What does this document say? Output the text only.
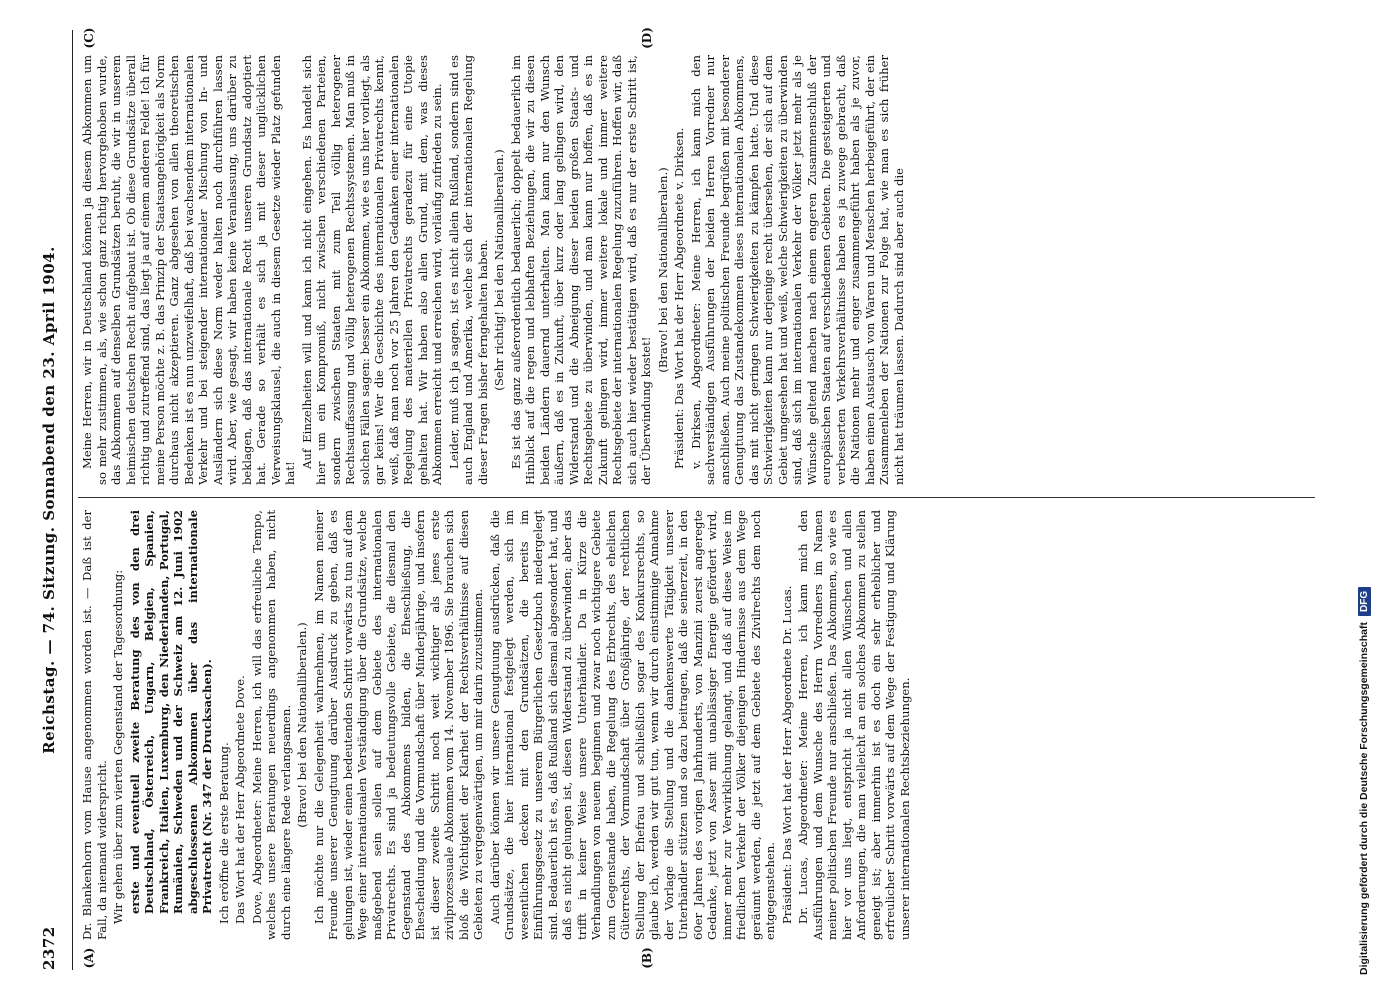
2372
Reichstag. — 74. Sitzung. Sonnabend den 23. April 1904.
(A)	(B)
(C)	(D)

Dr. Blankenhorn vom Hause angenommen worden ist. — Daß ist der Fall, da niemand widerspricht. Wir gehen über zum vierten Gegenstand der Tagesordnung: erste und eventuell zweite Beratung des von den drei Deutschland, Österreich, Ungarn, Belgien, Spanien, Frankreich, Italien, Luxemburg, den Niederlanden, Portugal, Rumänien, Schweden und der Schweiz am 12. Juni 1902 abgeschlossenen Abkommen über das internationale Privatrecht (Nr. 347 der Drucksachen). Ich eröffne die erste Beratung. Das Wort hat der Herr Abgeordnete Dove. Dove, Abgeordneter: Meine Herren, ich will das erfreuliche Tempo, welches unsere Beratungen neuerdings angenommen haben, nicht durch eine längere Rede verlangsamen. (Bravo! bei den Nationalliberalen.) Ich möchte nur die Gelegenheit wahrnehmen, im Namen meiner Freunde unserer Genugtuung darüber Ausdruck zu geben, daß es gelungen ist, wieder einen bedeutenden Schritt vorwärts zu tun auf dem Wege einer internationalen Verständigung über die Grundsätze, welche maßgebend sein sollen auf dem Gebiete des internationalen Privatrechts. Es sind ja bedeutungsvolle Gebiete, die diesmal den Gegenstand des Abkommens bilden, die Eheschließung, die Ehescheidung und die Vormundschaft über Minderjährige, und insofern ist dieser zweite Schritt noch weit wichtiger als jenes erste zivilprozessuale Abkommen vom 14. November 1896. Sie brauchen sich bloß die Wichtigkeit der Klarheit der Rechtsverhältnisse auf diesen Gebieten zu vergegenwärtigen, um mir darin zuzustimmen. Auch darüber können wir unsere Genugtuung ausdrücken, daß die Grundsätze, die hier international festgelegt werden, sich im wesentlichen decken mit den Grundsätzen, die bereits im Einführungsgesetz zu unserem Bürgerlichen Gesetzbuch niedergelegt sind. Bedauerlich ist es, daß Rußland sich diesmal abgesondert hat, und daß es nicht gelungen ist, diesen Widerstand zu überwinden; aber das trifft in keiner Weise unsere Unterhändler. Da in Kürze die Verhandlungen von neuem beginnen und zwar noch wichtigere Gebiete zum Gegenstande haben, die Regelung des Erbrechts, des ehelichen Güterrechts, der Vormundschaft über Großjährige, der rechtlichen Stellung der Ehefrau und schließlich sogar des Konkursrechts, so glaube ich, werden wir gut tun, wenn wir durch einstimmige Annahme der Vorlage die Stellung und die dankenswerte Tätigkeit unserer Unterhändler stützen und so dazu beitragen, daß die seinerzeit, in den 60er Jahren des vorigen Jahrhunderts, von Manzini zuerst angeregte Gedanke, jetzt von Asser mit unablässiger Energie gefördert wird, immer mehr zur Verwirklichung gelangt, und daß auf diese Weise im friedlichen Verkehr der Völker diejenigen Hindernisse aus dem Wege geräumt werden, die jetzt auf dem Gebiete des Zivilrechts dem noch entgegenstehen. Präsident: Das Wort hat der Herr Abgeordnete Dr. Lucas. Dr. Lucas, Abgeordneter: Meine Herren, ich kann mich den Ausführungen und dem Wunsche des Herrn Vorredners im Namen meiner politischen Freunde nur anschließen. Das Abkommen, so wie es hier vor uns liegt, entspricht ja nicht allen Wünschen und allen Anforderungen, die man vielleicht an ein solches Abkommen zu stellen geneigt ist; aber immerhin ist es doch ein sehr erheblicher und erfreulicher Schritt vorwärts auf dem Wege der Festigung und Klärung unserer internationalen Rechtsbeziehungen.

Meine Herren, wir in Deutschland können ja diesem Abkommen um so mehr zustimmen, als, wie schon ganz richtig hervorgehoben wurde, das Abkommen auf denselben Grundsätzen beruht, die wir in unserem heimischen deutschen Recht aufgebaut ist. Ob diese Grundsätze überall richtig und zutreffend sind, das liegt ja auf einem anderen Felde! Ich für meine Person möchte z. B. das Prinzip der Staatsangehörigkeit als Norm durchaus nicht akzeptieren. Ganz abgesehen von allen theoretischen Bedenken ist es nun unzweifelhaft, daß bei wachsendem internationalen Verkehr und bei steigender internationaler Mischung von In- und Ausländern sich diese Norm weder halten noch durchführen lassen wird. Aber, wie gesagt, wir haben keine Veranlassung, uns darüber zu beklagen, daß das internationale Recht unseren Grundsatz adoptiert hat. Gerade so verhält es sich ja mit dieser unglücklichen Verweisungsklausel, die auch in diesem Gesetze wieder Platz gefunden hat!

Auf Einzelheiten will und kann ich nicht eingehen. Es handelt sich hier um ein Kompromiß, nicht zwischen verschiedenen Parteien, sondern zwischen Staaten mit zum Teil völlig heterogener Rechtsauffassung und völlig heterogenen Rechtssystemen. Man muß in solchen Fällen sagen: besser ein Abkommen, wie es uns hier vorliegt, als gar keins! Wer die Geschichte des internationalen Privatrechts kennt, weiß, daß man noch vor 25 Jahren den Gedanken einer internationalen Regelung des materiellen Privatrechts geradezu für eine Utopie gehalten hat. Wir haben also allen Grund, mit dem, was dieses Abkommen erreicht und erreichen wird, vorläufig zufrieden zu sein. Leider, muß ich ja sagen, ist es nicht allein Rußland, sondern sind es auch England und Amerika, welche sich der internationalen Regelung dieser Fragen bisher ferngehalten haben. (Sehr richtig! bei den Nationalliberalen.) Es ist das ganz außerordentlich bedauerlich; doppelt bedauerlich im Hinblick auf die regen und lebhaften Beziehungen, die wir zu diesen beiden Ländern dauernd unterhalten. Man kann nur den Wunsch äußern, daß es in Zukunft, über kurz oder lang gelingen wird, den Widerstand und die Abneigung dieser beiden großen Staats- und Rechtsgebiete zu überwinden, und man kann nur hoffen, daß es in Zukunft gelingen wird, immer weitere lokale und immer weitere Rechtsgebiete der internationalen Regelung zuzuführen. Hoffen wir, daß sich auch hier wieder bestätigen wird, daß es nur der erste Schritt ist, der Überwindung kostet!

(Bravo! bei den Nationalliberalen.) Präsident: Das Wort hat der Herr Abgeordnete v. Dirksen. v. Dirksen, Abgeordneter: Meine Herren, ich kann mich den sachverständigen Ausführungen der beiden Herren Vorredner nur anschließen. Auch meine politischen Freunde begrüßen mit besonderer Genugtuung das Zustandekommen dieses internationalen Abkommens, das mit nicht geringen Schwierigkeiten zu kämpfen hatte. Und diese Schwierigkeiten kann nur derjenige recht übersehen, der sich auf dem Gebiet umgesehen hat und weiß, welche Schwierigkeiten zu überwinden sind, daß sich im internationalen Verkehr der Völker jetzt mehr als je Wünsche geltend machen nach einem engeren Zusammenschluß der europäischen Staaten auf verschiedenen Gebieten. Die gesteigerten und verbesserten Verkehrsverhältnisse haben es ja zuwege gebracht, daß die Nationen mehr und enger zusammengeführt haben als je zuvor, haben einen Austausch von Waren und Menschen herbeigeführt, der ein Zusammenleben der Nationen zur Folge hat, wie man es sich früher nicht hat träumen lassen. Dadurch sind aber auch die

Digitalisierung gefördert durch die Deutsche ForschungsgemeinschaftDFG
